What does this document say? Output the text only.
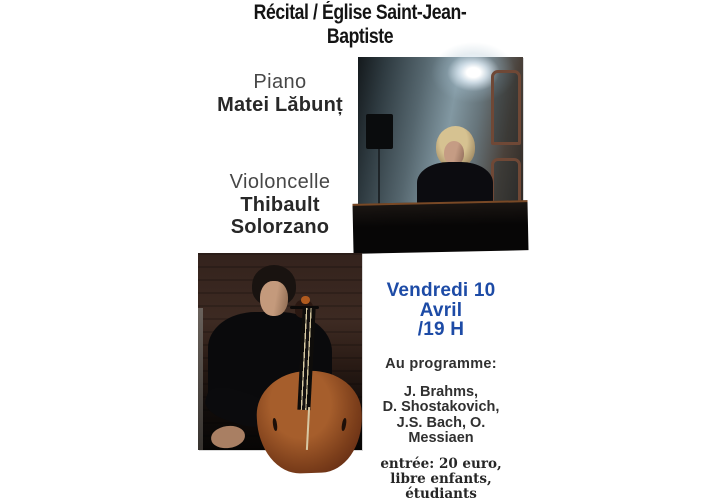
Récital / Église Saint-Jean-
Baptiste
Piano
Matei Lăbunț
Violoncelle
Thibault
Solorzano
Vendredi 10 Avril
/19 H
Au programme:
J. Brahms,
D. Shostakovich,
J.S. Bach, O. Messiaen
entrée: 20 euro,
libre enfants, étudiants
